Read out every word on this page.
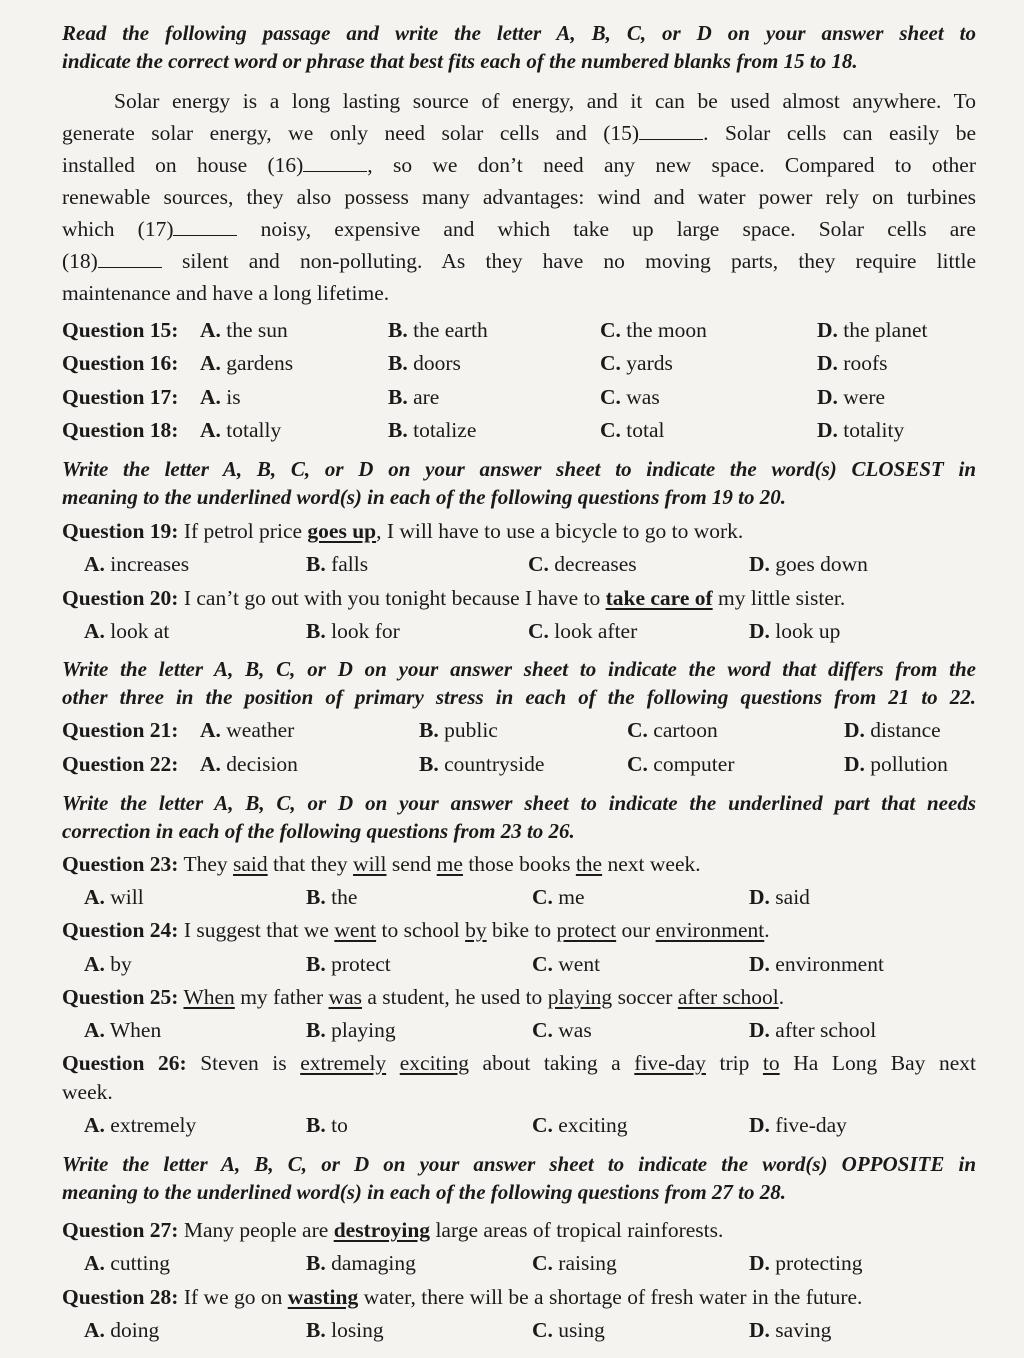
Read the following passage and write the letter A, B, C, or D on your answer sheet to
indicate the correct word or phrase that best fits each of the numbered blanks from 15 to 18.
Solar energy is a long lasting source of energy, and it can be used almost anywhere. To
generate solar energy, we only need solar cells and (15)	. Solar cells can easily be
installed on house (16)	, so we don’t need any new space. Compared to other
renewable sources, they also possess many advantages: wind and water power rely on turbines
which (17)	noisy, expensive and which take up large space. Solar cells are
(18)	silent and non-polluting. As they have no moving parts, they require little
maintenance and have a long lifetime.
Question 15: A. the sun	B. the earth	C. the moon	D. the planet
Question 16: A. gardens	B. doors	C. yards	D. roofs
Question 17: A. is	B. are	C. was	D. were
Question 18: A. totally	B. totalize	C. total	D. totality
Write the letter A, B, C, or D on your answer sheet to indicate the word(s) CLOSEST in
meaning to the underlined word(s) in each of the following questions from 19 to 20.
Question 19: If petrol price goes up, I will have to use a bicycle to go to work.
A. increases	B. falls	C. decreases	D. goes down
Question 20: I can’t go out with you tonight because I have to take care of my little sister.
A. look at	B. look for	C. look after	D. look up
Write the letter A, B, C, or D on your answer sheet to indicate the word that differs from the
other three in the position of primary stress in each of the following questions from 21 to 22.
Question 21: A. weather	B. public	C. cartoon	D. distance
Question 22: A. decision	B. countryside	C. computer	D. pollution
Write the letter A, B, C, or D on your answer sheet to indicate the underlined part that needs
correction in each of the following questions from 23 to 26.
Question 23: They said that they will send me those books the next week.
A. will	B. the	C. me	D. said
Question 24: I suggest that we went to school by bike to protect our environment.
A. by	B. protect	C. went	D. environment
Question 25: When my father was a student, he used to playing soccer after school.
A. When	B. playing	C. was	D. after school
Question 26: Steven is extremely exciting about taking a five-day trip to Ha Long Bay next
week.
A. extremely	B. to	C. exciting	D. five-day
Write the letter A, B, C, or D on your answer sheet to indicate the word(s) OPPOSITE in
meaning to the underlined word(s) in each of the following questions from 27 to 28.
Question 27: Many people are destroying large areas of tropical rainforests.
A. cutting	B. damaging	C. raising	D. protecting
Question 28: If we go on wasting water, there will be a shortage of fresh water in the future.
A. doing	B. losing	C. using	D. saving
